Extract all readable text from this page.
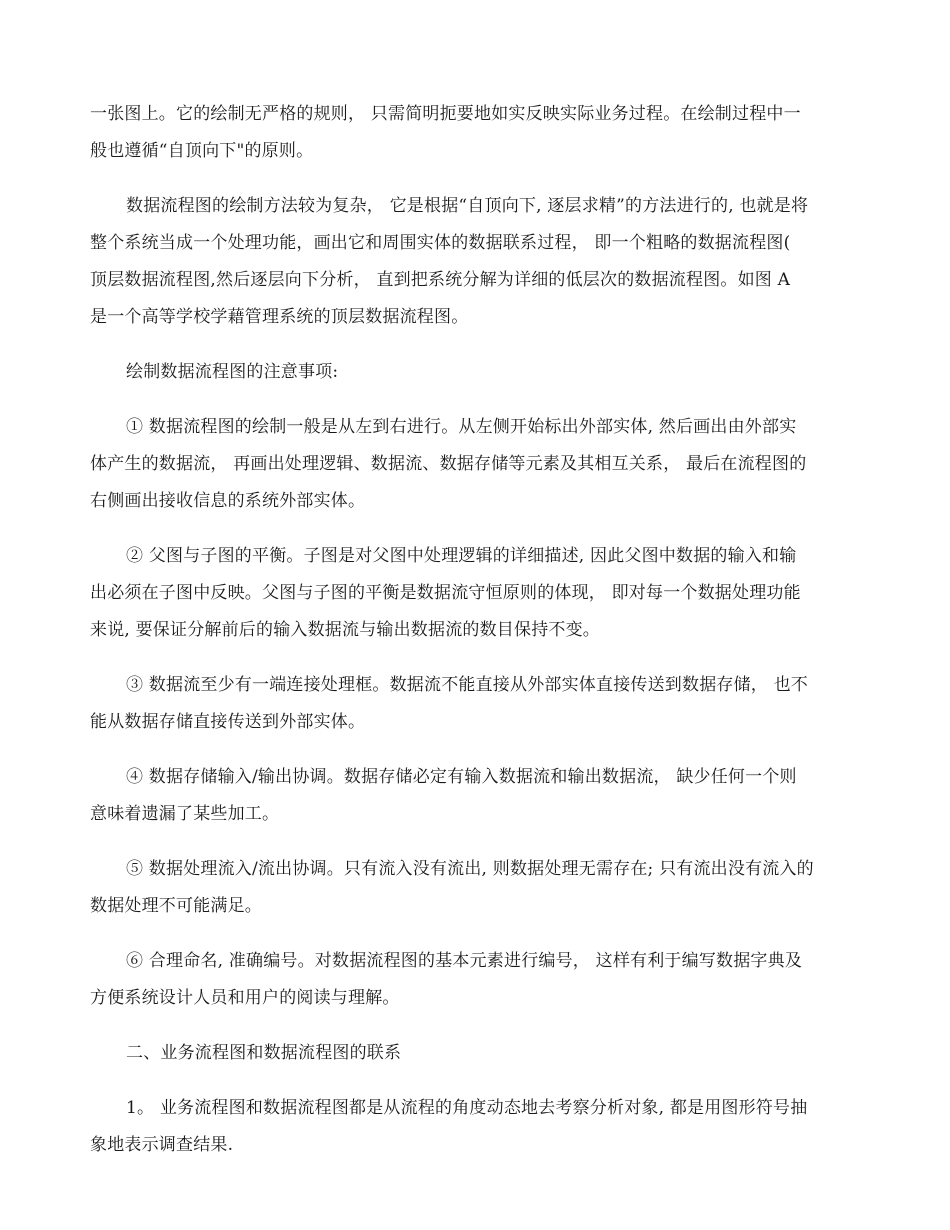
一张图上。它的绘制无严格的规则， 只需简明扼要地如实反映实际业务过程。在绘制过程中一
般也遵循“自顶向下"的原则。

数据流程图的绘制方法较为复杂， 它是根据“自顶向下, 逐层求精”的方法进行的, 也就是将
整个系统当成一个处理功能，画出它和周围实体的数据联系过程， 即一个粗略的数据流程图(
顶层数据流程图,然后逐层向下分析， 直到把系统分解为详细的低层次的数据流程图。如图 A
是一个高等学校学藉管理系统的顶层数据流程图。

绘制数据流程图的注意事项:

① 数据流程图的绘制一般是从左到右进行。从左侧开始标出外部实体, 然后画出由外部实
体产生的数据流， 再画出处理逻辑、数据流、数据存储等元素及其相互关系， 最后在流程图的
右侧画出接收信息的系统外部实体。

② 父图与子图的平衡。子图是对父图中处理逻辑的详细描述, 因此父图中数据的输入和输
出必须在子图中反映。父图与子图的平衡是数据流守恒原则的体现， 即对每一个数据处理功能
来说, 要保证分解前后的输入数据流与输出数据流的数目保持不变。

③ 数据流至少有一端连接处理框。数据流不能直接从外部实体直接传送到数据存储， 也不
能从数据存储直接传送到外部实体。

④ 数据存储输入/输出协调。数据存储必定有输入数据流和输出数据流， 缺少任何一个则
意味着遗漏了某些加工。

⑤ 数据处理流入/流出协调。只有流入没有流出, 则数据处理无需存在; 只有流出没有流入的
数据处理不可能满足。

⑥ 合理命名, 准确编号。对数据流程图的基本元素进行编号， 这样有利于编写数据字典及
方便系统设计人员和用户的阅读与理解。

二、业务流程图和数据流程图的联系

1。 业务流程图和数据流程图都是从流程的角度动态地去考察分析对象, 都是用图形符号抽
象地表示调查结果.
